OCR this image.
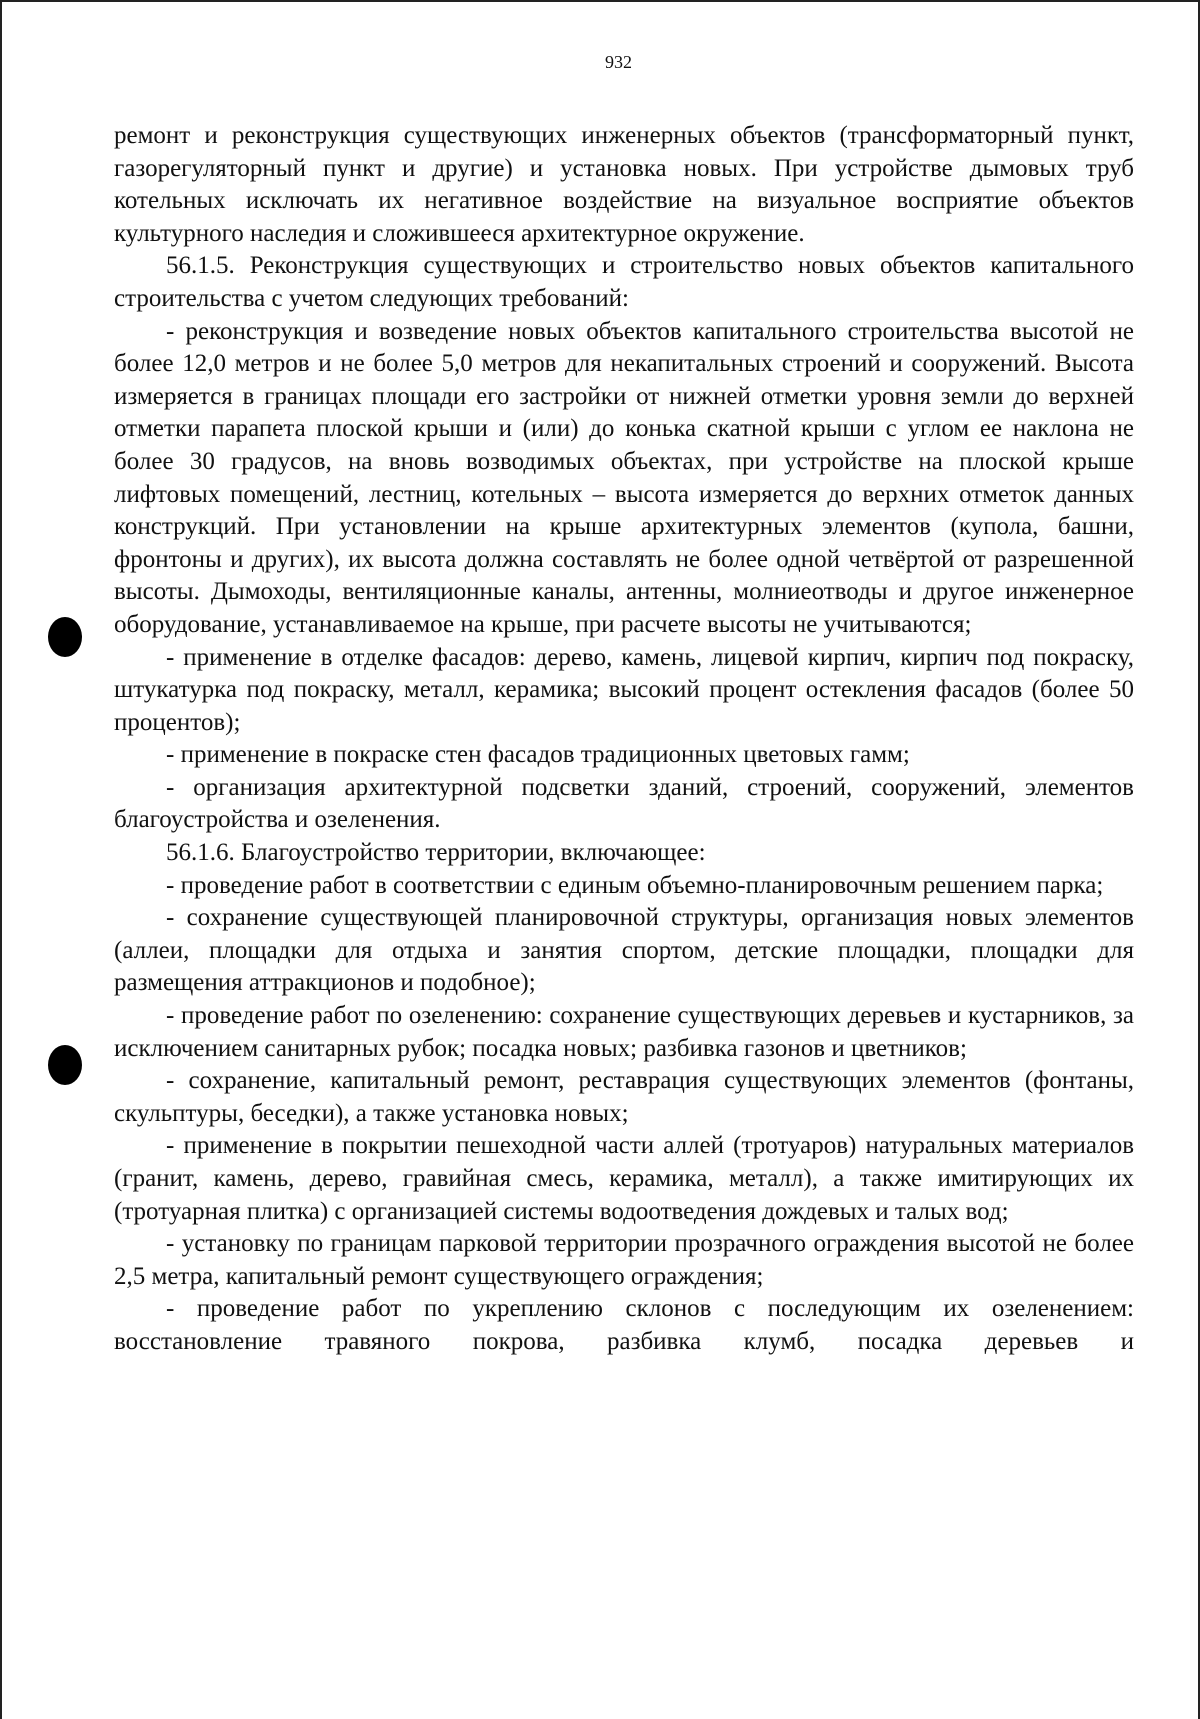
932

ремонт и реконструкция существующих инженерных объектов (трансформаторный пункт, газорегуляторный пункт и другие) и установка новых. При устройстве дымовых труб котельных исключать их негативное воздействие на визуальное восприятие объектов культурного наследия и сложившееся архитектурное окружение.

56.1.5. Реконструкция существующих и строительство новых объектов капитального строительства с учетом следующих требований:

- реконструкция и возведение новых объектов капитального строительства высотой не более 12,0 метров и не более 5,0 метров для некапитальных строений и сооружений. Высота измеряется в границах площади его застройки от нижней отметки уровня земли до верхней отметки парапета плоской крыши и (или) до конька скатной крыши с углом ее наклона не более 30 градусов, на вновь возводимых объектах, при устройстве на плоской крыше лифтовых помещений, лестниц, котельных – высота измеряется до верхних отметок данных конструкций. При установлении на крыше архитектурных элементов (купола, башни, фронтоны и других), их высота должна составлять не более одной четвёртой от разрешенной высоты. Дымоходы, вентиляционные каналы, антенны, молниеотводы и другое инженерное оборудование, устанавливаемое на крыше, при расчете высоты не учитываются;

- применение в отделке фасадов: дерево, камень, лицевой кирпич, кирпич под покраску, штукатурка под покраску, металл, керамика; высокий процент остекления фасадов (более 50 процентов);

- применение в покраске стен фасадов традиционных цветовых гамм;

- организация архитектурной подсветки зданий, строений, сооружений, элементов благоустройства и озеленения.

56.1.6. Благоустройство территории, включающее:

- проведение работ в соответствии с единым объемно-планировочным решением парка;

- сохранение существующей планировочной структуры, организация новых элементов (аллеи, площадки для отдыха и занятия спортом, детские площадки, площадки для размещения аттракционов и подобное);

- проведение работ по озеленению: сохранение существующих деревьев и кустарников, за исключением санитарных рубок; посадка новых; разбивка газонов и цветников;

- сохранение, капитальный ремонт, реставрация существующих элементов (фонтаны, скульптуры, беседки), а также установка новых;

- применение в покрытии пешеходной части аллей (тротуаров) натуральных материалов (гранит, камень, дерево, гравийная смесь, керамика, металл), а также имитирующих их (тротуарная плитка) с организацией системы водоотведения дождевых и талых вод;

- установку по границам парковой территории прозрачного ограждения высотой не более 2,5 метра, капитальный ремонт существующего ограждения;

- проведение работ по укреплению склонов с последующим их озеленением: восстановление травяного покрова, разбивка клумб, посадка деревьев и
